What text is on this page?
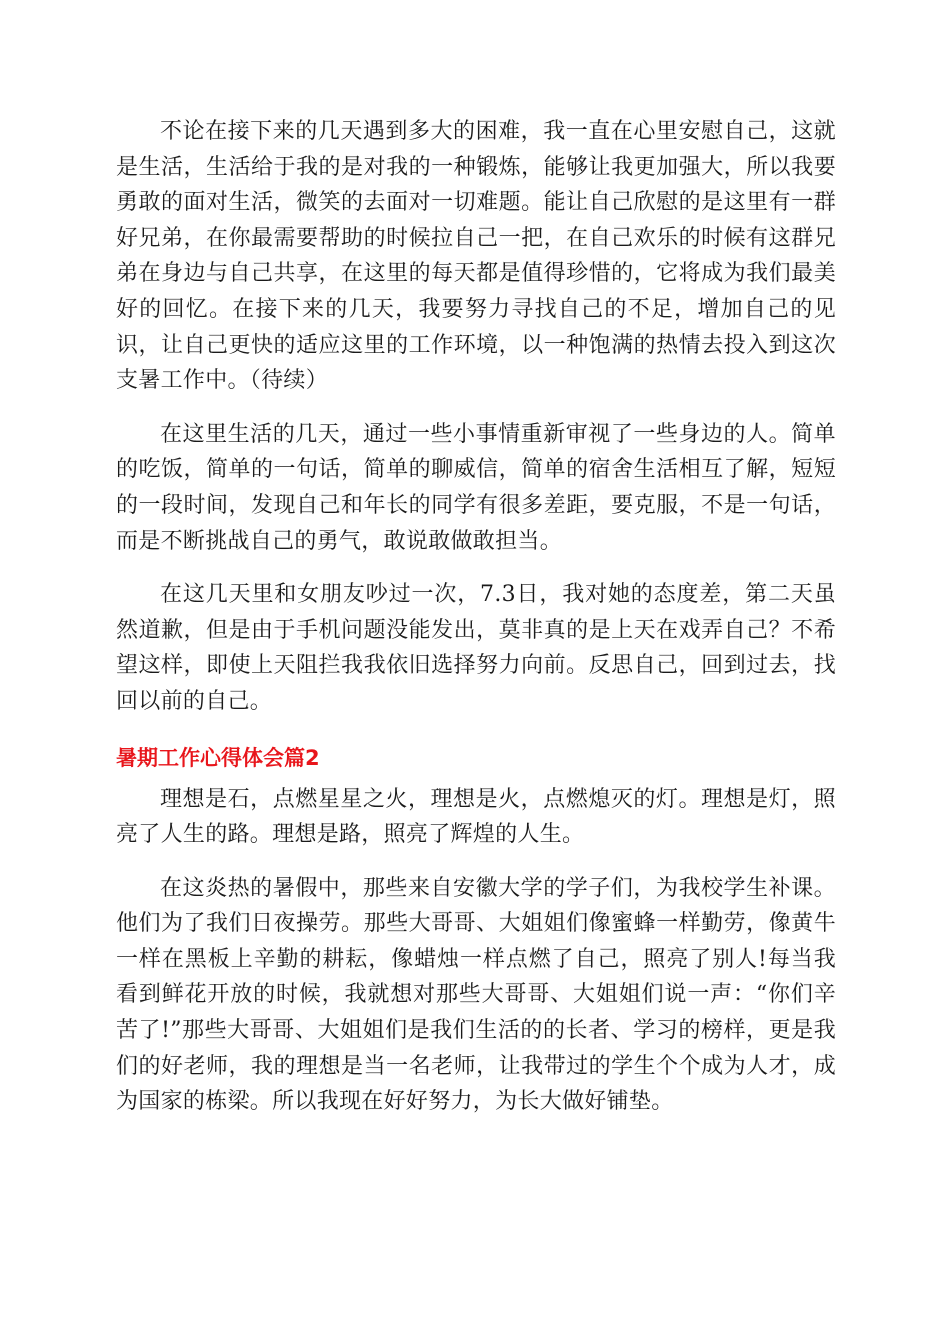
不论在接下来的几天遇到多大的困难，我一直在心里安慰自己，这就是生活，生活给于我的是对我的一种锻炼，能够让我更加强大，所以我要勇敢的面对生活，微笑的去面对一切难题。能让自己欣慰的是这里有一群好兄弟，在你最需要帮助的时候拉自己一把，在自己欢乐的时候有这群兄弟在身边与自己共享，在这里的每天都是值得珍惜的，它将成为我们最美好的回忆。在接下来的几天，我要努力寻找自己的不足，增加自己的见识，让自己更快的适应这里的工作环境，以一种饱满的热情去投入到这次支暑工作中。（待续）

在这里生活的几天，通过一些小事情重新审视了一些身边的人。简单的吃饭，简单的一句话，简单的聊威信，简单的宿舍生活相互了解，短短的一段时间，发现自己和年长的同学有很多差距，要克服，不是一句话，而是不断挑战自己的勇气，敢说敢做敢担当。

在这几天里和女朋友吵过一次，7.3日，我对她的态度差，第二天虽然道歉，但是由于手机问题没能发出，莫非真的是上天在戏弄自己？不希望这样，即使上天阻拦我我依旧选择努力向前。反思自己，回到过去，找回以前的自己。

暑期工作心得体会篇2

理想是石，点燃星星之火，理想是火，点燃熄灭的灯。理想是灯，照亮了人生的路。理想是路，照亮了辉煌的人生。

在这炎热的暑假中，那些来自安徽大学的学子们，为我校学生补课。他们为了我们日夜操劳。那些大哥哥、大姐姐们像蜜蜂一样勤劳，像黄牛一样在黑板上辛勤的耕耘，像蜡烛一样点燃了自己，照亮了别人!每当我看到鲜花开放的时候，我就想对那些大哥哥、大姐姐们说一声：“你们辛苦了!”那些大哥哥、大姐姐们是我们生活的的长者、学习的榜样，更是我们的好老师，我的理想是当一名老师，让我带过的学生个个成为人才，成为国家的栋梁。所以我现在好好努力，为长大做好铺垫。
